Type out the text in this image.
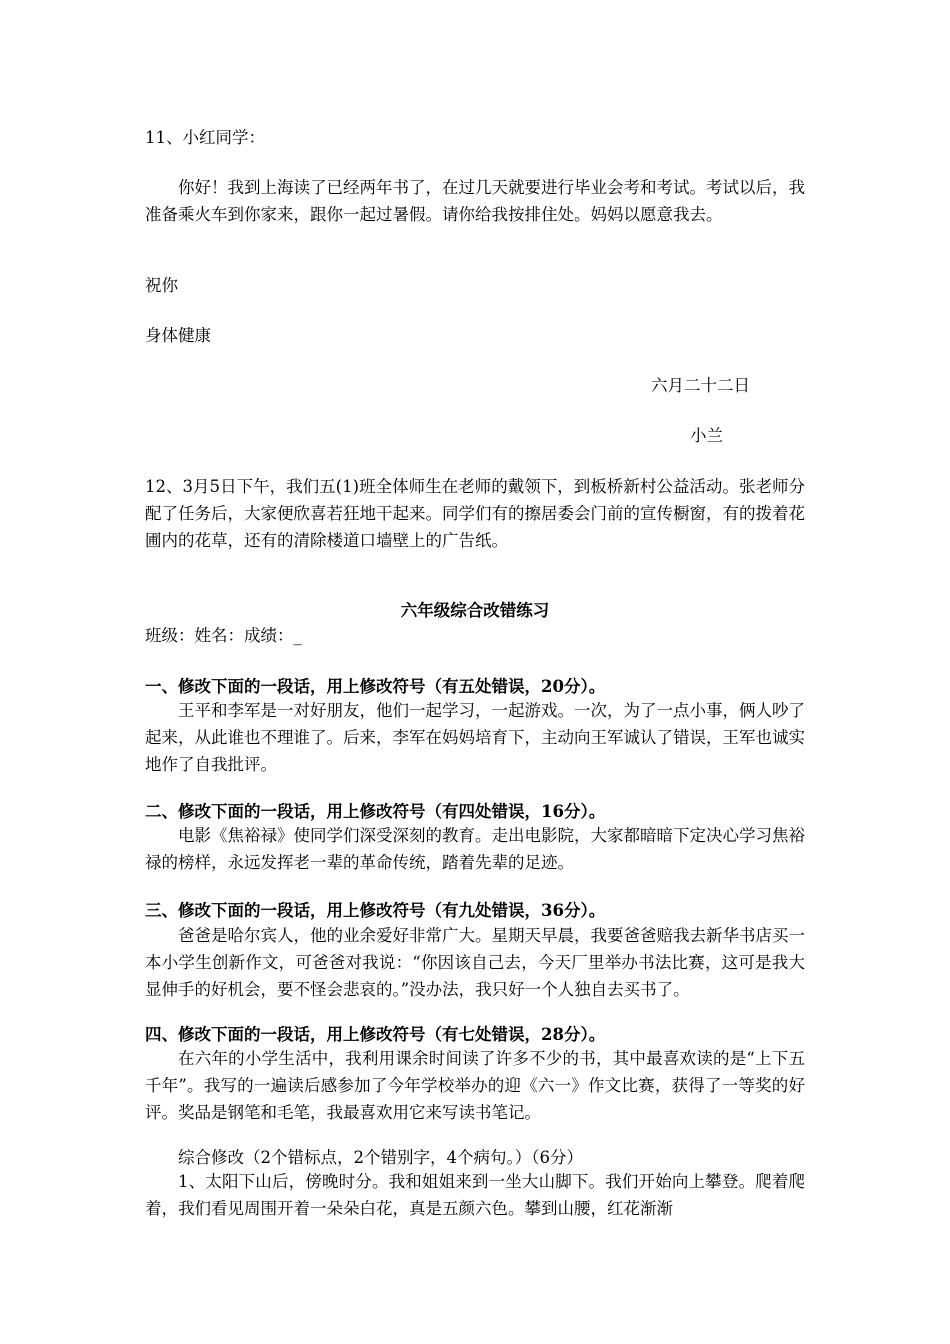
11、小红同学：

你好！我到上海读了已经两年书了，在过几天就要进行毕业会考和考试。考试以后，我准备乘火车到你家来，跟你一起过暑假。请你给我按排住处。妈妈以愿意我去。

祝你

身体健康

六月二十二日

小兰

12、3月5日下午，我们五(1)班全体师生在老师的戴领下，到板桥新村公益活动。张老师分配了任务后，大家便欣喜若狂地干起来。同学们有的擦居委会门前的宣传橱窗，有的拨着花圃内的花草，还有的清除楼道口墙壁上的广告纸。

六年级综合改错练习

班级：姓名：成绩：_

一、修改下面的一段话，用上修改符号（有五处错误，20分）。

王平和李军是一对好朋友，他们一起学习，一起游戏。一次，为了一点小事，俩人吵了起来，从此谁也不理谁了。后来，李军在妈妈培育下，主动向王军诚认了错误，王军也诚实地作了自我批评。

二、修改下面的一段话，用上修改符号（有四处错误，16分）。

电影《焦裕禄》使同学们深受深刻的教育。走出电影院，大家都暗暗下定决心学习焦裕禄的榜样，永远发挥老一辈的革命传统，踏着先辈的足迹。

三、修改下面的一段话，用上修改符号（有九处错误，36分）。

爸爸是哈尔宾人，他的业余爱好非常广大。星期天早晨，我要爸爸赔我去新华书店买一本小学生创新作文，可爸爸对我说：“你因该自己去，今天厂里举办书法比赛，这可是我大显伸手的好机会，要不怪会悲哀的。”没办法，我只好一个人独自去买书了。

四、修改下面的一段话，用上修改符号（有七处错误，28分）。

在六年的小学生活中，我利用课余时间读了许多不少的书，其中最喜欢读的是“上下五千年”。我写的一遍读后感参加了今年学校举办的迎《六一》作文比赛，获得了一等奖的好评。奖品是钢笔和毛笔，我最喜欢用它来写读书笔记。

综合修改（2个错标点，2个错别字，4个病句。）（6分）

1、太阳下山后，傍晚时分。我和姐姐来到一坐大山脚下。我们开始向上攀登。爬着爬着，我们看见周围开着一朵朵白花，真是五颜六色。攀到山腰，红花渐渐
